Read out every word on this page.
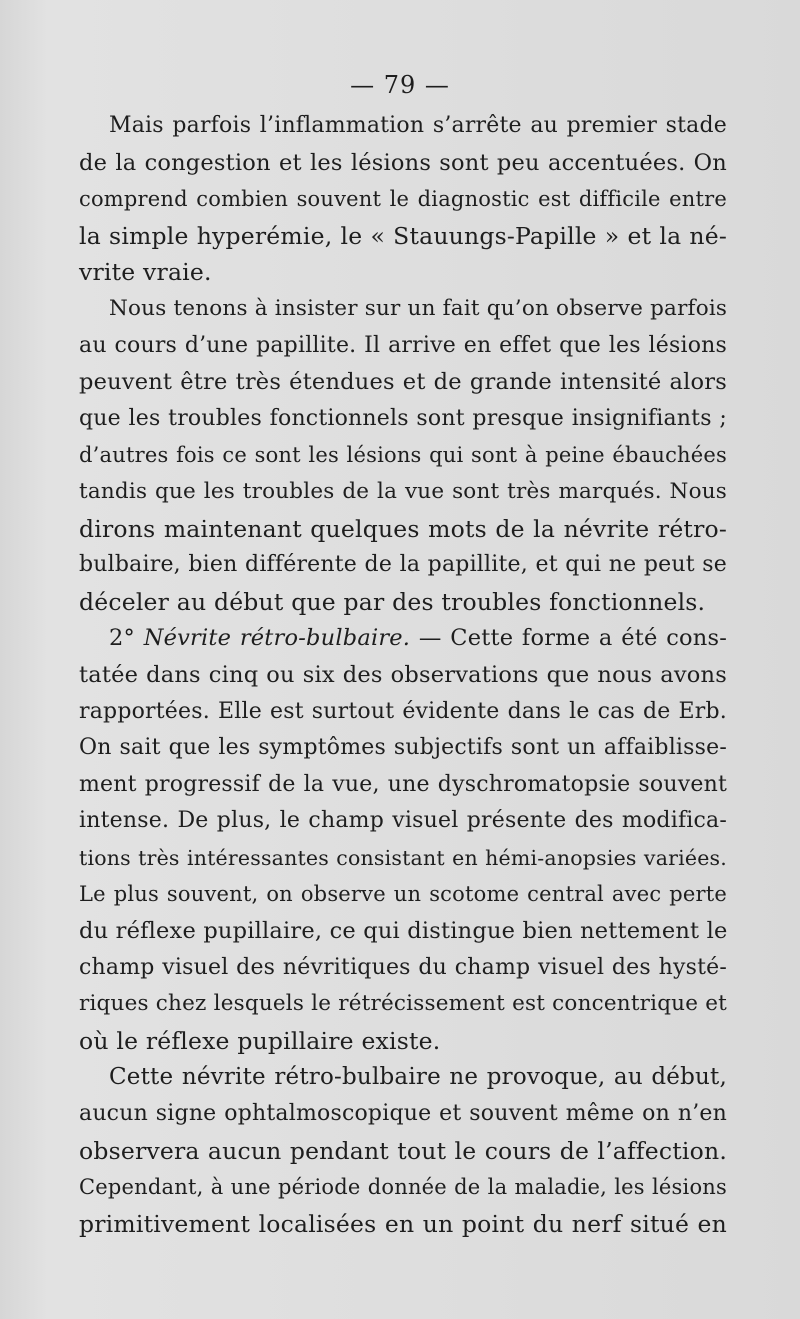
— 79 —
Mais parfois l’inflammation s’arrête au premier stade
de la congestion et les lésions sont peu accentuées. On
comprend combien souvent le diagnostic est difficile entre
la simple hyperémie, le « Stauungs-Papille » et la né-
vrite vraie.
Nous tenons à insister sur un fait qu’on observe parfois
au cours d’une papillite. Il arrive en effet que les lésions
peuvent être très étendues et de grande intensité alors
que les troubles fonctionnels sont presque insignifiants ;
d’autres fois ce sont les lésions qui sont à peine ébauchées
tandis que les troubles de la vue sont très marqués. Nous
dirons maintenant quelques mots de la névrite rétro-
bulbaire, bien différente de la papillite, et qui ne peut se
déceler au début que par des troubles fonctionnels.
2° Névrite rétro-bulbaire. — Cette forme a été cons-
tatée dans cinq ou six des observations que nous avons
rapportées. Elle est surtout évidente dans le cas de Erb.
On sait que les symptômes subjectifs sont un affaiblisse-
ment progressif de la vue, une dyschromatopsie souvent
intense. De plus, le champ visuel présente des modifica-
tions très intéressantes consistant en hémi-anopsies variées.
Le plus souvent, on observe un scotome central avec perte
du réflexe pupillaire, ce qui distingue bien nettement le
champ visuel des névritiques du champ visuel des hysté-
riques chez lesquels le rétrécissement est concentrique et
où le réflexe pupillaire existe.
Cette névrite rétro-bulbaire ne provoque, au début,
aucun signe ophtalmoscopique et souvent même on n’en
observera aucun pendant tout le cours de l’affection.
Cependant, à une période donnée de la maladie, les lésions
primitivement localisées en un point du nerf situé en
